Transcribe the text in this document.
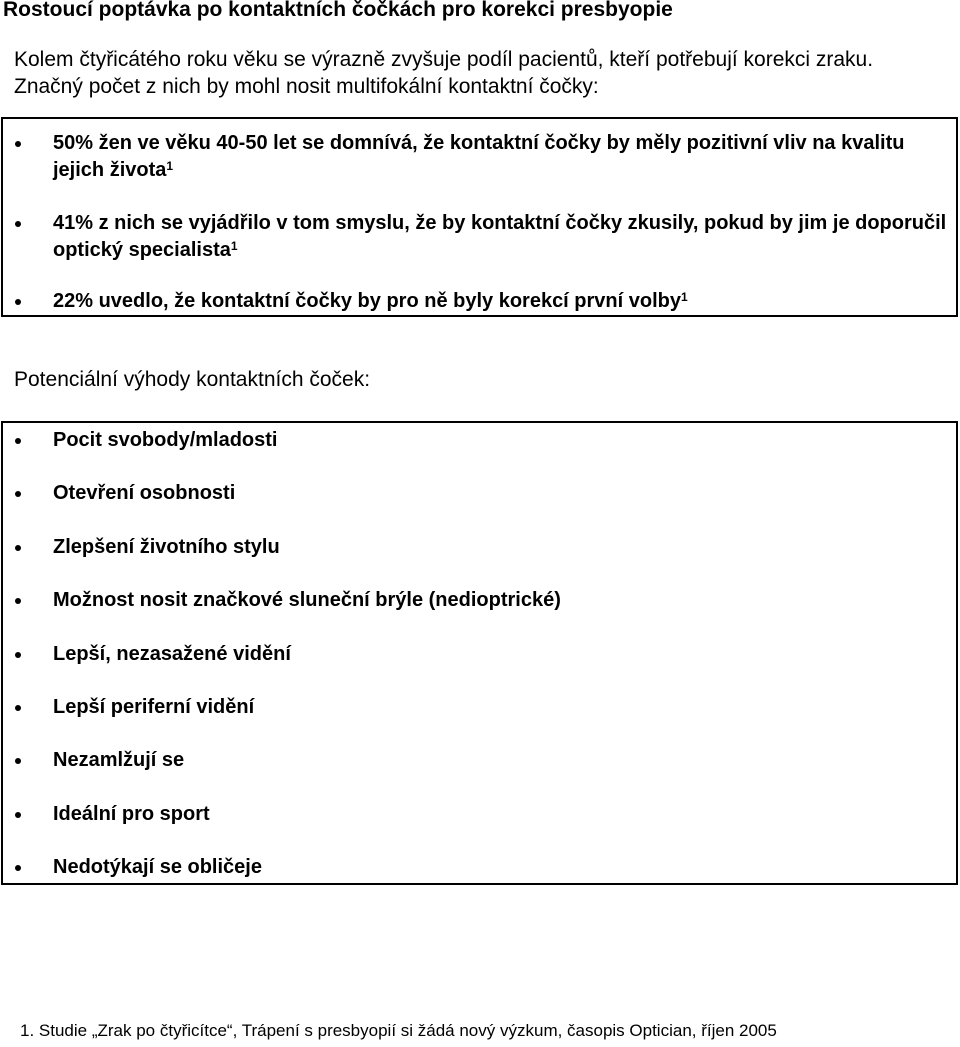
Rostoucí poptávka po kontaktních čočkách pro korekci presbyopie
Kolem čtyřicátého roku věku se výrazně zvyšuje podíl pacientů, kteří potřebují korekci zraku. Značný počet z nich by mohl nosit multifokální kontaktní čočky:
50% žen ve věku 40-50 let se domnívá, že kontaktní čočky by měly pozitivní vliv na kvalitu jejich života$^1$
41% z nich se vyjádřilo v tom smyslu, že by kontaktní čočky zkusily, pokud by jim je doporučil optický specialista$^1$
22% uvedlo, že kontaktní čočky by pro ně byly korekcí první volby$^1$
Potenciální výhody kontaktních čoček:
Pocit svobody/mladosti
Otevření osobnosti
Zlepšení životního stylu
Možnost nosit značkové sluneční brýle (nedioptrické)
Lepší, nezasažené vidění
Lepší periferní vidění
Nezamlžují se
Ideální pro sport
Nedotýkají se obličeje
1. Studie „Zrak po čtyřicítce“, Trápení s presbyopií si žádá nový výzkum, časopis Optician, říjen 2005
